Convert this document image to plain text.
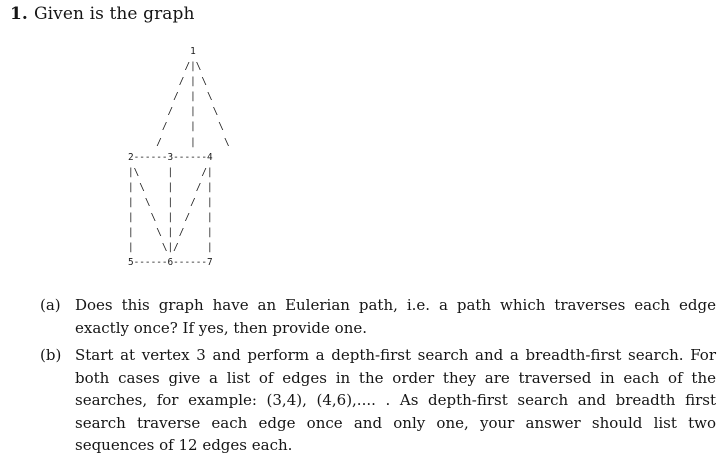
1. Given is the graph
1
/|\
/ | \
/  |  \
/   |   \
/    |    \
/     |     \
2------3------4
|\     |     /|
| \    |    / |
|  \   |   /  |
|   \  |  /   |
|    \ | /    |
|     \|/     |
5------6------7
(a) Does this graph have an Eulerian path, i.e. a path which traverses each edge exactly once? If yes, then provide one.
(b) Start at vertex 3 and perform a depth-first search and a breadth-first search. For both cases give a list of edges in the order they are traversed in each of the searches, for example: (3,4), (4,6),.... . As depth-first search and breadth first search traverse each edge once and only one, your answer should list two sequences of 12 edges each.
